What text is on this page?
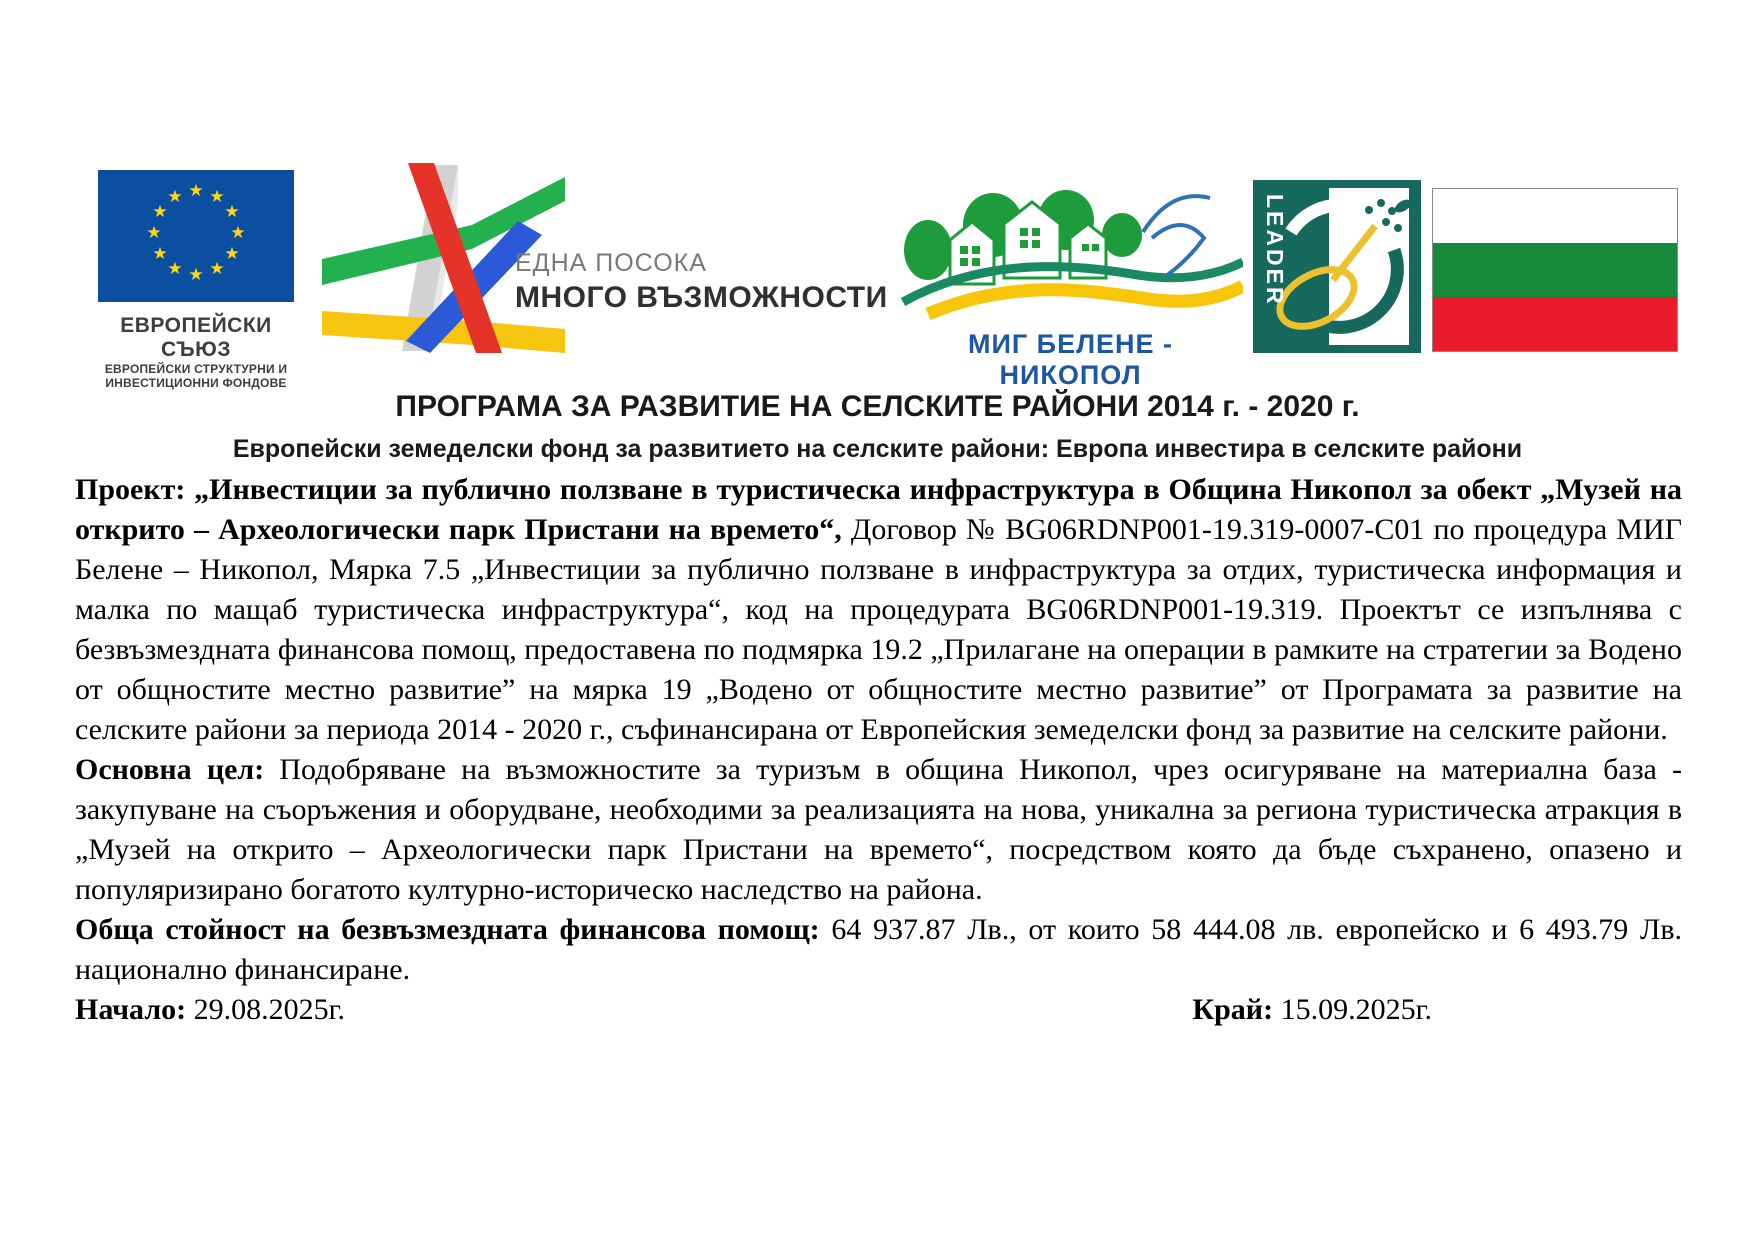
★ ★
★
★
★
★
★
★
★
★
★
★
ЕВРОПЕЙСКИ СЪЮЗ
ЕВРОПЕЙСКИ СТРУКТУРНИ И
ИНВЕСТИЦИОННИ ФОНДОВЕ
ЕДНА ПОСОКА
МНОГО ВЪЗМОЖНОСТИ
МИГ БЕЛЕНЕ - НИКОПОЛ
LEADER
ПРОГРАМА ЗА РАЗВИТИЕ НА СЕЛСКИТЕ РАЙОНИ 2014 г. - 2020 г.
Европейски земеделски фонд за развитието на селските райони: Европа инвестира в селските райони

Проект: „Инвестиции за публично ползване в туристическа инфраструктура в Община Никопол за обект „Музей на открито – Археологически парк Пристани на времето“, Договор № BG06RDNP001-19.319-0007-C01 по процедура МИГ Белене – Никопол, Мярка 7.5 „Инвестиции за публично ползване в инфраструктура за отдих, туристическа информация и малка по мащаб туристическа инфраструктура“, код на процедурата BG06RDNP001-19.319. Проектът се изпълнява с безвъзмездната финансова помощ, предоставена по подмярка 19.2 „Прилагане на операции в рамките на стратегии за Водено от общностите местно развитие” на мярка 19 „Водено от общностите местно развитие” от Програмата за развитие на селските райони за периода 2014 - 2020 г., съфинансирана от Европейския земеделски фонд за развитие на селските райони.

Основна цел: Подобряване на възможностите за туризъм в община Никопол, чрез осигуряване на материална база - закупуване на съоръжения и оборудване, необходими за реализацията на нова, уникална за региона туристическа атракция в „Музей на открито – Археологически парк Пристани на времето“, посредством която да бъде съхранено, опазено и популяризирано богатото културно-историческо наследство на района.

Обща стойност на безвъзмездната финансова помощ: 64 937.87 Лв., от които 58 444.08 лв. европейско и 6 493.79 Лв. национално финансиране.

Начало: 29.08.2025г.	Край: 15.09.2025г.
